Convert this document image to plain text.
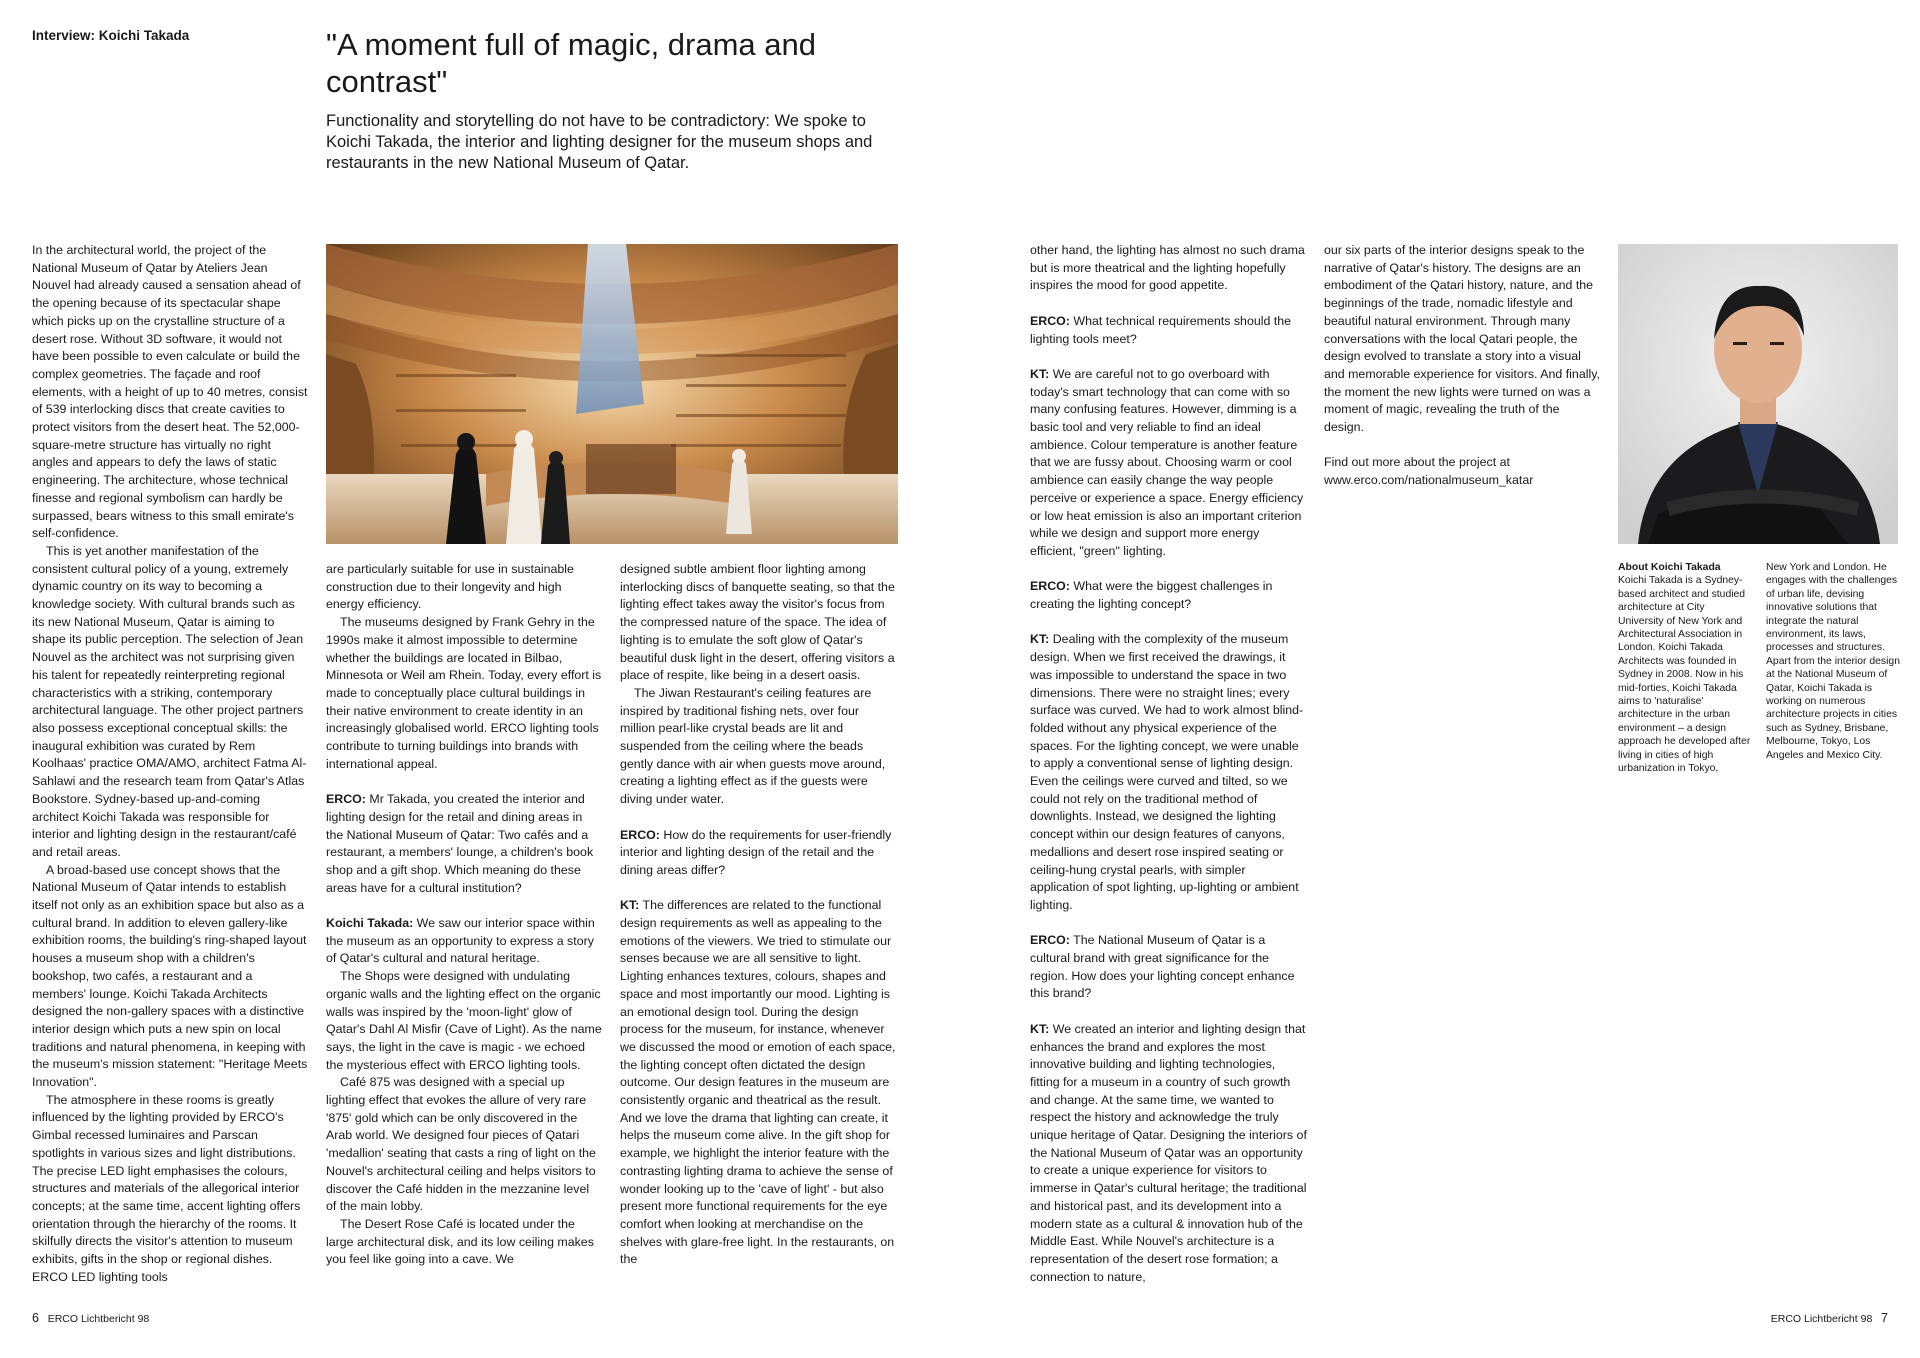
Interview: Koichi Takada	"A moment full of magic, drama and contrast"
Functionality and storytelling do not have to be contradictory: We spoke to Koichi Takada, the interior and lighting designer for the museum shops and restaurants in the new National Museum of Qatar.

In the architectural world, the project of the National Museum of Qatar by Ateliers Jean Nouvel had already caused a sensation ahead of the opening because of its spectacular shape which picks up on the crystalline structure of a desert rose. Without 3D software, it would not have been possible to even calculate or build the complex geometries. The façade and roof elements, with a height of up to 40 metres, consist of 539 interlocking discs that create cavities to protect visitors from the desert heat. The 52,000-square-metre structure has virtually no right angles and appears to defy the laws of static engineering. The architecture, whose technical finesse and regional symbolism can hardly be surpassed, bears witness to this small emirate's self-confidence.

This is yet another manifestation of the consistent cultural policy of a young, extremely dynamic country on its way to becoming a knowledge society. With cultural brands such as its new National Museum, Qatar is aiming to shape its public perception. The selection of Jean Nouvel as the architect was not surprising given his talent for repeatedly reinterpreting regional characteristics with a striking, contemporary architectural language. The other project partners also possess exceptional conceptual skills: the inaugural exhibition was curated by Rem Koolhaas' practice OMA/AMO, architect Fatma Al-Sahlawi and the research team from Qatar's Atlas Bookstore. Sydney-based up-and-coming architect Koichi Takada was responsible for interior and lighting design in the restaurant/café and retail areas.

A broad-based use concept shows that the National Museum of Qatar intends to establish itself not only as an exhibition space but also as a cultural brand. In addition to eleven gallery-like exhibition rooms, the building's ring-shaped layout houses a museum shop with a children's bookshop, two cafés, a restaurant and a members' lounge. Koichi Takada Architects designed the non-gallery spaces with a distinctive interior design which puts a new spin on local traditions and natural phenomena, in keeping with the museum's mission statement: "Heritage Meets Innovation".

The atmosphere in these rooms is greatly influenced by the lighting provided by ERCO's Gimbal recessed luminaires and Parscan spotlights in various sizes and light distributions. The precise LED light emphasises the colours, structures and materials of the allegorical interior concepts; at the same time, accent lighting offers orientation through the hierarchy of the rooms. It skilfully directs the visitor's attention to museum exhibits, gifts in the shop or regional dishes. ERCO LED lighting tools

are particularly suitable for use in sustainable construction due to their longevity and high energy efficiency.

The museums designed by Frank Gehry in the 1990s make it almost impossible to determine whether the buildings are located in Bilbao, Minnesota or Weil am Rhein. Today, every effort is made to conceptually place cultural buildings in their native environment to create identity in an increasingly globalised world. ERCO lighting tools contribute to turning buildings into brands with international appeal.

ERCO: Mr Takada, you created the interior and lighting design for the retail and dining areas in the National Museum of Qatar: Two cafés and a restaurant, a members' lounge, a children's book shop and a gift shop. Which meaning do these areas have for a cultural institution?

Koichi Takada: We saw our interior space within the museum as an opportunity to express a story of Qatar's cultural and natural heritage.

The Shops were designed with undulating organic walls and the lighting effect on the organic walls was inspired by the 'moon-light' glow of Qatar's Dahl Al Misfir (Cave of Light). As the name says, the light in the cave is magic - we echoed the mysterious effect with ERCO lighting tools.

Café 875 was designed with a special up lighting effect that evokes the allure of very rare '875' gold which can be only discovered in the Arab world. We designed four pieces of Qatari 'medallion' seating that casts a ring of light on the Nouvel's architectural ceiling and helps visitors to discover the Café hidden in the mezzanine level of the main lobby.

The Desert Rose Café is located under the large architectural disk, and its low ceiling makes you feel like going into a cave. We

designed subtle ambient floor lighting among interlocking discs of banquette seating, so that the lighting effect takes away the visitor's focus from the compressed nature of the space. The idea of lighting is to emulate the soft glow of Qatar's beautiful dusk light in the desert, offering visitors a place of respite, like being in a desert oasis.

The Jiwan Restaurant's ceiling features are inspired by traditional fishing nets, over four million pearl-like crystal beads are lit and suspended from the ceiling where the beads gently dance with air when guests move around, creating a lighting effect as if the guests were diving under water.

ERCO: How do the requirements for user-friendly interior and lighting design of the retail and the dining areas differ?

KT: The differences are related to the functional design requirements as well as appealing to the emotions of the viewers. We tried to stimulate our senses because we are all sensitive to light. Lighting enhances textures, colours, shapes and space and most importantly our mood. Lighting is an emotional design tool. During the design process for the museum, for instance, whenever we discussed the mood or emotion of each space, the lighting concept often dictated the design outcome. Our design features in the museum are consistently organic and theatrical as the result. And we love the drama that lighting can create, it helps the museum come alive. In the gift shop for example, we highlight the interior feature with the contrasting lighting drama to achieve the sense of wonder looking up to the 'cave of light' - but also present more functional requirements for the eye comfort when looking at merchandise on the shelves with glare-free light. In the restaurants, on the

other hand, the lighting has almost no such drama but is more theatrical and the lighting hopefully inspires the mood for good appetite.

ERCO: What technical requirements should the lighting tools meet?

KT: We are careful not to go overboard with today's smart technology that can come with so many confusing features. However, dimming is a basic tool and very reliable to find an ideal ambience. Colour temperature is another feature that we are fussy about. Choosing warm or cool ambience can easily change the way people perceive or experience a space. Energy efficiency or low heat emission is also an important criterion while we design and support more energy efficient, "green" lighting.

ERCO: What were the biggest challenges in creating the lighting concept?

KT: Dealing with the complexity of the museum design. When we first received the drawings, it was impossible to understand the space in two dimensions. There were no straight lines; every surface was curved. We had to work almost blind-folded without any physical experience of the spaces. For the lighting concept, we were unable to apply a conventional sense of lighting design. Even the ceilings were curved and tilted, so we could not rely on the traditional method of downlights. Instead, we designed the lighting concept within our design features of canyons, medallions and desert rose inspired seating or ceiling-hung crystal pearls, with simpler application of spot lighting, up-lighting or ambient lighting.

ERCO: The National Museum of Qatar is a cultural brand with great significance for the region. How does your lighting concept enhance this brand?

KT: We created an interior and lighting design that enhances the brand and explores the most innovative building and lighting technologies, fitting for a museum in a country of such growth and change. At the same time, we wanted to respect the history and acknowledge the truly unique heritage of Qatar. Designing the interiors of the National Museum of Qatar was an opportunity to create a unique experience for visitors to immerse in Qatar's cultural heritage; the traditional and historical past, and its development into a modern state as a cultural & innovation hub of the Middle East. While Nouvel's architecture is a representation of the desert rose formation; a connection to nature,

our six parts of the interior designs speak to the narrative of Qatar's history. The designs are an embodiment of the Qatari history, nature, and the beginnings of the trade, nomadic lifestyle and beautiful natural environment. Through many conversations with the local Qatari people, the design evolved to translate a story into a visual and memorable experience for visitors. And finally, the moment the new lights were turned on was a moment of magic, revealing the truth of the design.

Find out more about the project at www.erco.com/nationalmuseum_katar

About Koichi Takada

Koichi Takada is a Sydney-based architect and studied architecture at City University of New York and Architectural Association in London. Koichi Takada Architects was founded in Sydney in 2008. Now in his mid-forties, Koichi Takada aims to 'naturalise' architecture in the urban environment – a design approach he developed after living in cities of high urbanization in Tokyo,

New York and London. He engages with the challenges of urban life, devising innovative solutions that integrate the natural environment, its laws, processes and structures. Apart from the interior design at the National Museum of Qatar, Koichi Takada is working on numerous architecture projects in cities such as Sydney, Brisbane, Melbourne, Tokyo, Los Angeles and Mexico City.

6 ERCO Lichtbericht 98	ERCO Lichtbericht 98 7
